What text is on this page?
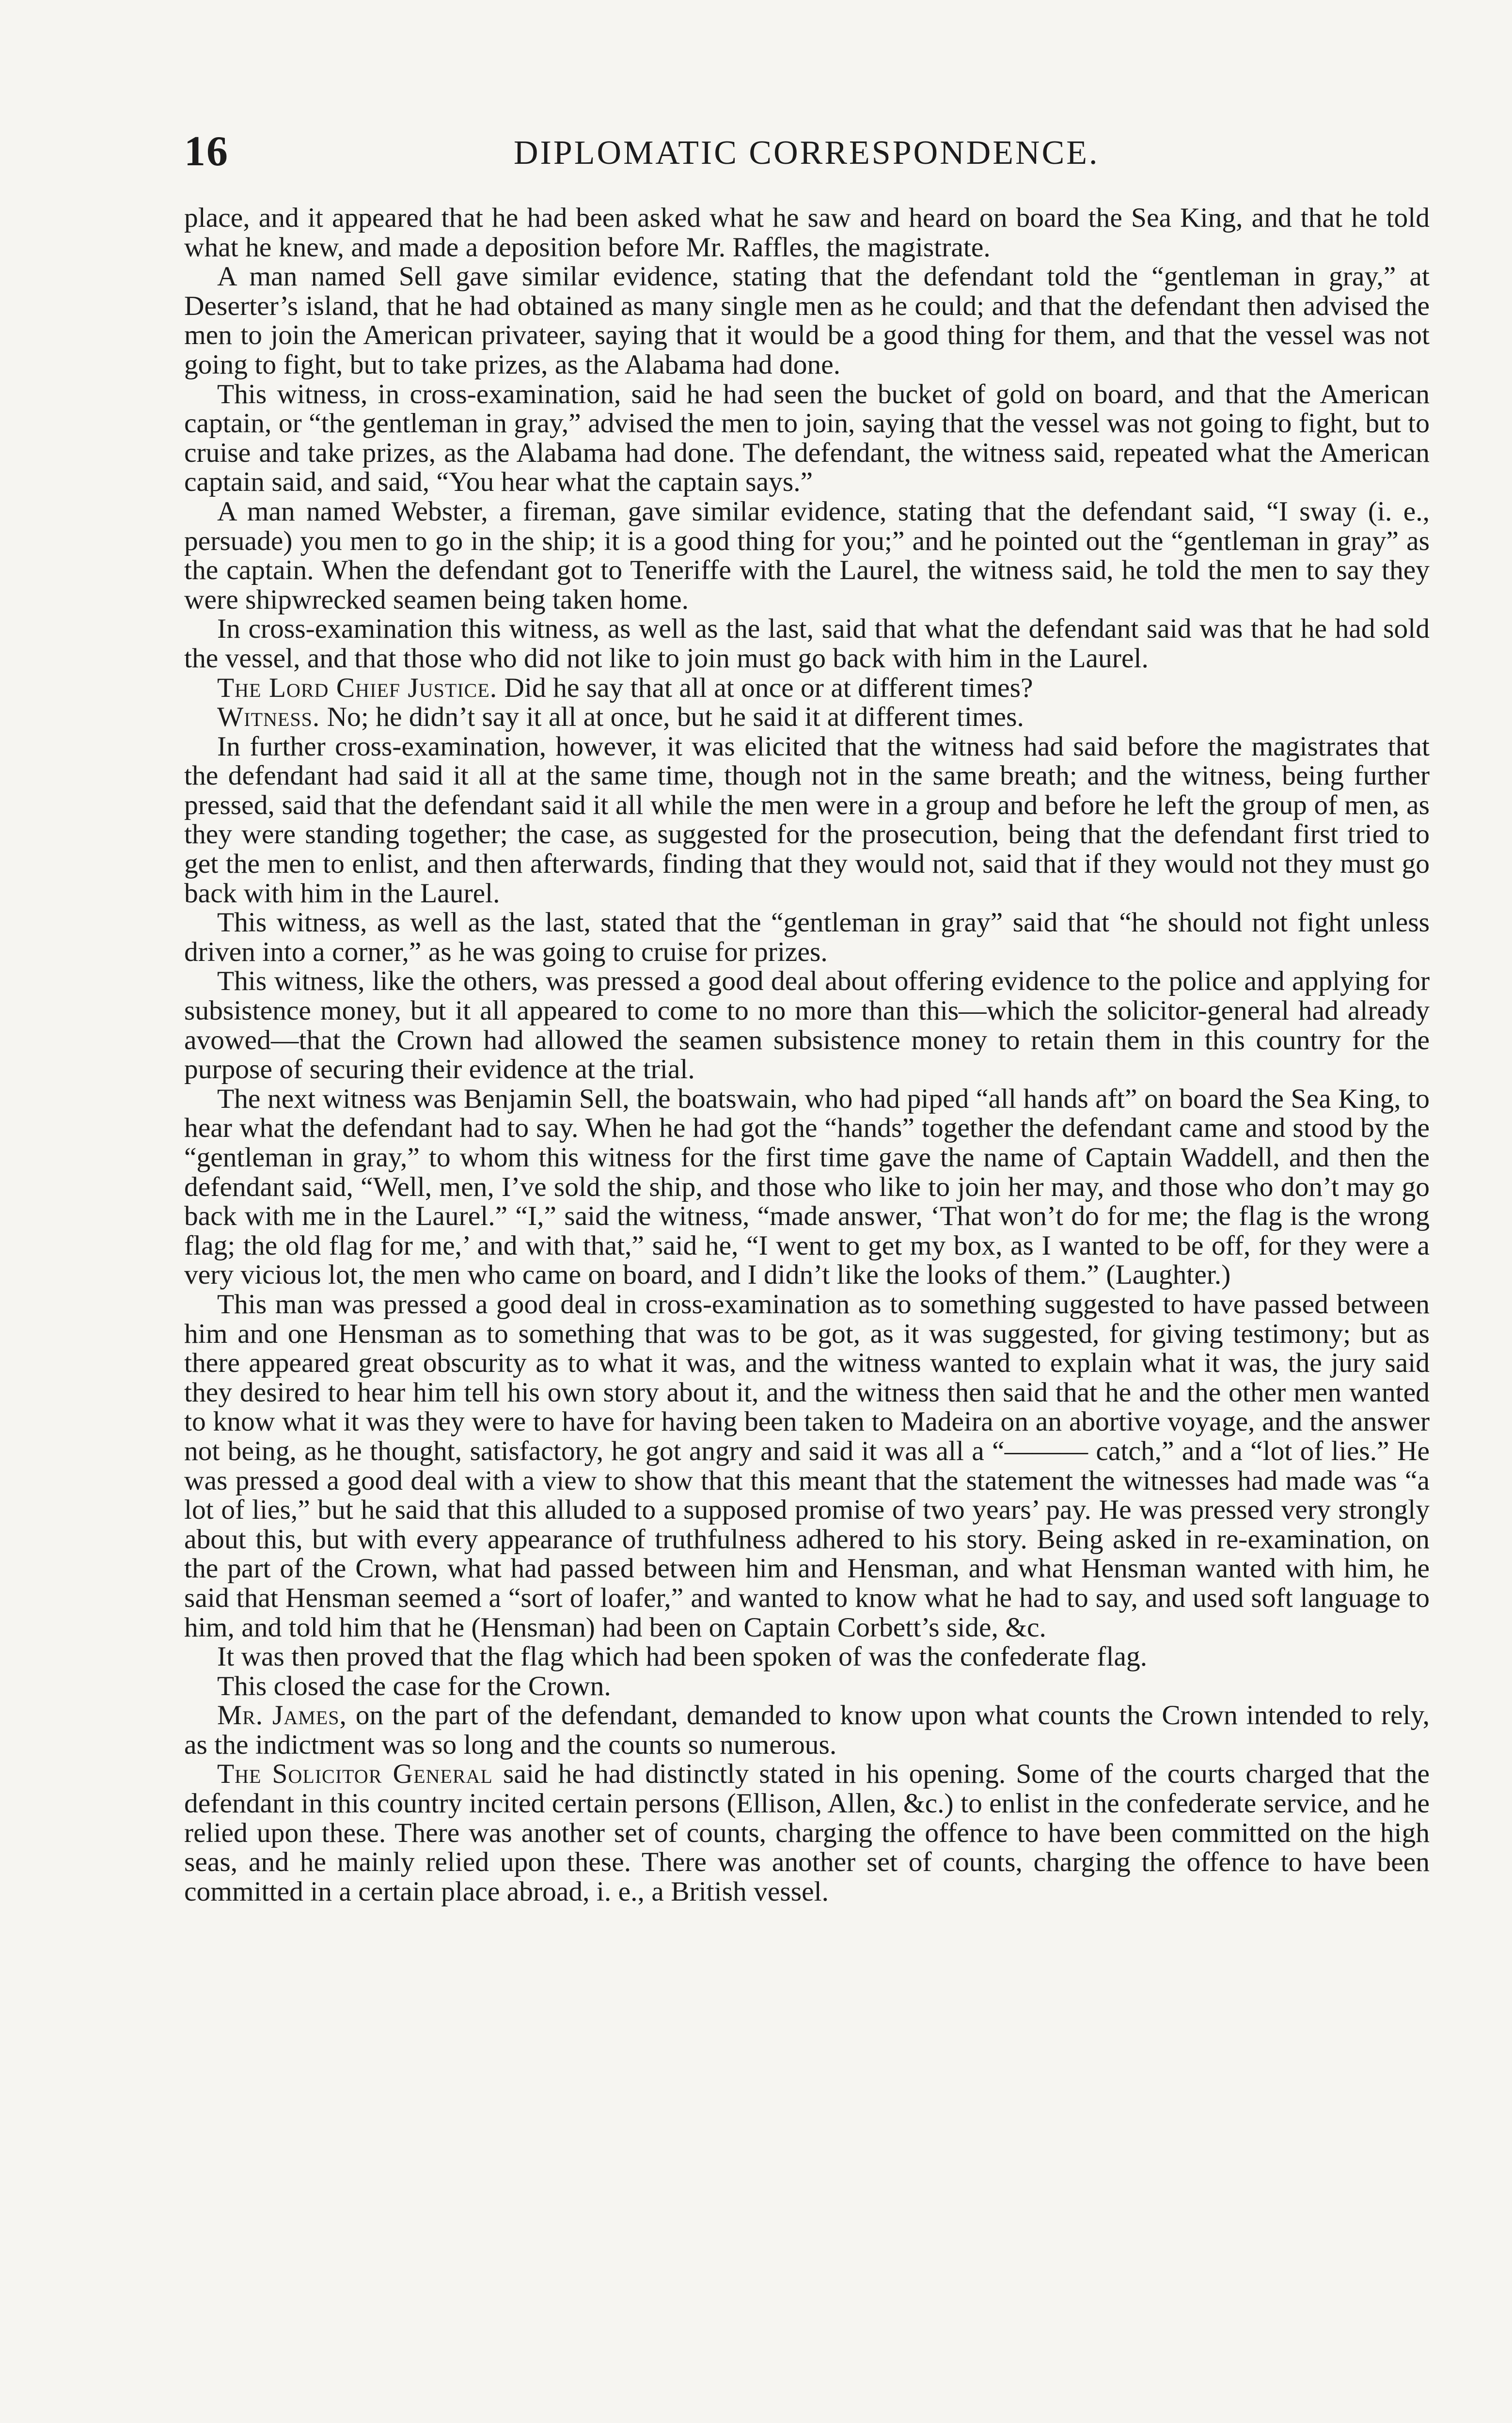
16	DIPLOMATIC CORRESPONDENCE.

place, and it appeared that he had been asked what he saw and heard on board the Sea King, and that he told what he knew, and made a deposition before Mr. Raffles, the magistrate.

A man named Sell gave similar evidence, stating that the defendant told the “gentleman in gray,” at Deserter’s island, that he had obtained as many single men as he could; and that the defendant then advised the men to join the American privateer, saying that it would be a good thing for them, and that the vessel was not going to fight, but to take prizes, as the Alabama had done.

This witness, in cross-examination, said he had seen the bucket of gold on board, and that the American captain, or “the gentleman in gray,” advised the men to join, saying that the vessel was not going to fight, but to cruise and take prizes, as the Alabama had done. The defendant, the witness said, repeated what the American captain said, and said, “You hear what the captain says.”

A man named Webster, a fireman, gave similar evidence, stating that the defendant said, “I sway (i. e., persuade) you men to go in the ship; it is a good thing for you;” and he pointed out the “gentleman in gray” as the captain. When the defendant got to Teneriffe with the Laurel, the witness said, he told the men to say they were shipwrecked seamen being taken home.

In cross-examination this witness, as well as the last, said that what the defendant said was that he had sold the vessel, and that those who did not like to join must go back with him in the Laurel.

The Lord Chief Justice. Did he say that all at once or at different times?

Witness. No; he didn’t say it all at once, but he said it at different times.

In further cross-examination, however, it was elicited that the witness had said before the magistrates that the defendant had said it all at the same time, though not in the same breath; and the witness, being further pressed, said that the defendant said it all while the men were in a group and before he left the group of men, as they were standing together; the case, as suggested for the prosecution, being that the defendant first tried to get the men to enlist, and then afterwards, finding that they would not, said that if they would not they must go back with him in the Laurel.

This witness, as well as the last, stated that the “gentleman in gray” said that “he should not fight unless driven into a corner,” as he was going to cruise for prizes.

This witness, like the others, was pressed a good deal about offering evidence to the police and applying for subsistence money, but it all appeared to come to no more than this—which the solicitor-general had already avowed—that the Crown had allowed the seamen subsistence money to retain them in this country for the purpose of securing their evidence at the trial.

The next witness was Benjamin Sell, the boatswain, who had piped “all hands aft” on board the Sea King, to hear what the defendant had to say. When he had got the “hands” together the defendant came and stood by the “gentleman in gray,” to whom this witness for the first time gave the name of Captain Waddell, and then the defendant said, “Well, men, I’ve sold the ship, and those who like to join her may, and those who don’t may go back with me in the Laurel.” “I,” said the witness, “made answer, ‘That won’t do for me; the flag is the wrong flag; the old flag for me,’ and with that,” said he, “I went to get my box, as I wanted to be off, for they were a very vicious lot, the men who came on board, and I didn’t like the looks of them.” (Laughter.)

This man was pressed a good deal in cross-examination as to something suggested to have passed between him and one Hensman as to something that was to be got, as it was suggested, for giving testimony; but as there appeared great obscurity as to what it was, and the witness wanted to explain what it was, the jury said they desired to hear him tell his own story about it, and the witness then said that he and the other men wanted to know what it was they were to have for having been taken to Madeira on an abortive voyage, and the answer not being, as he thought, satisfactory, he got angry and said it was all a “——— catch,” and a “lot of lies.” He was pressed a good deal with a view to show that this meant that the statement the witnesses had made was “a lot of lies,” but he said that this alluded to a supposed promise of two years’ pay. He was pressed very strongly about this, but with every appearance of truthfulness adhered to his story. Being asked in re-examination, on the part of the Crown, what had passed between him and Hensman, and what Hensman wanted with him, he said that Hensman seemed a “sort of loafer,” and wanted to know what he had to say, and used soft language to him, and told him that he (Hensman) had been on Captain Corbett’s side, &c.

It was then proved that the flag which had been spoken of was the confederate flag.

This closed the case for the Crown.

Mr. James, on the part of the defendant, demanded to know upon what counts the Crown intended to rely, as the indictment was so long and the counts so numerous.

The Solicitor General said he had distinctly stated in his opening. Some of the courts charged that the defendant in this country incited certain persons (Ellison, Allen, &c.) to enlist in the confederate service, and he relied upon these. There was another set of counts, charging the offence to have been committed on the high seas, and he mainly relied upon these. There was another set of counts, charging the offence to have been committed in a certain place abroad, i. e., a British vessel.
